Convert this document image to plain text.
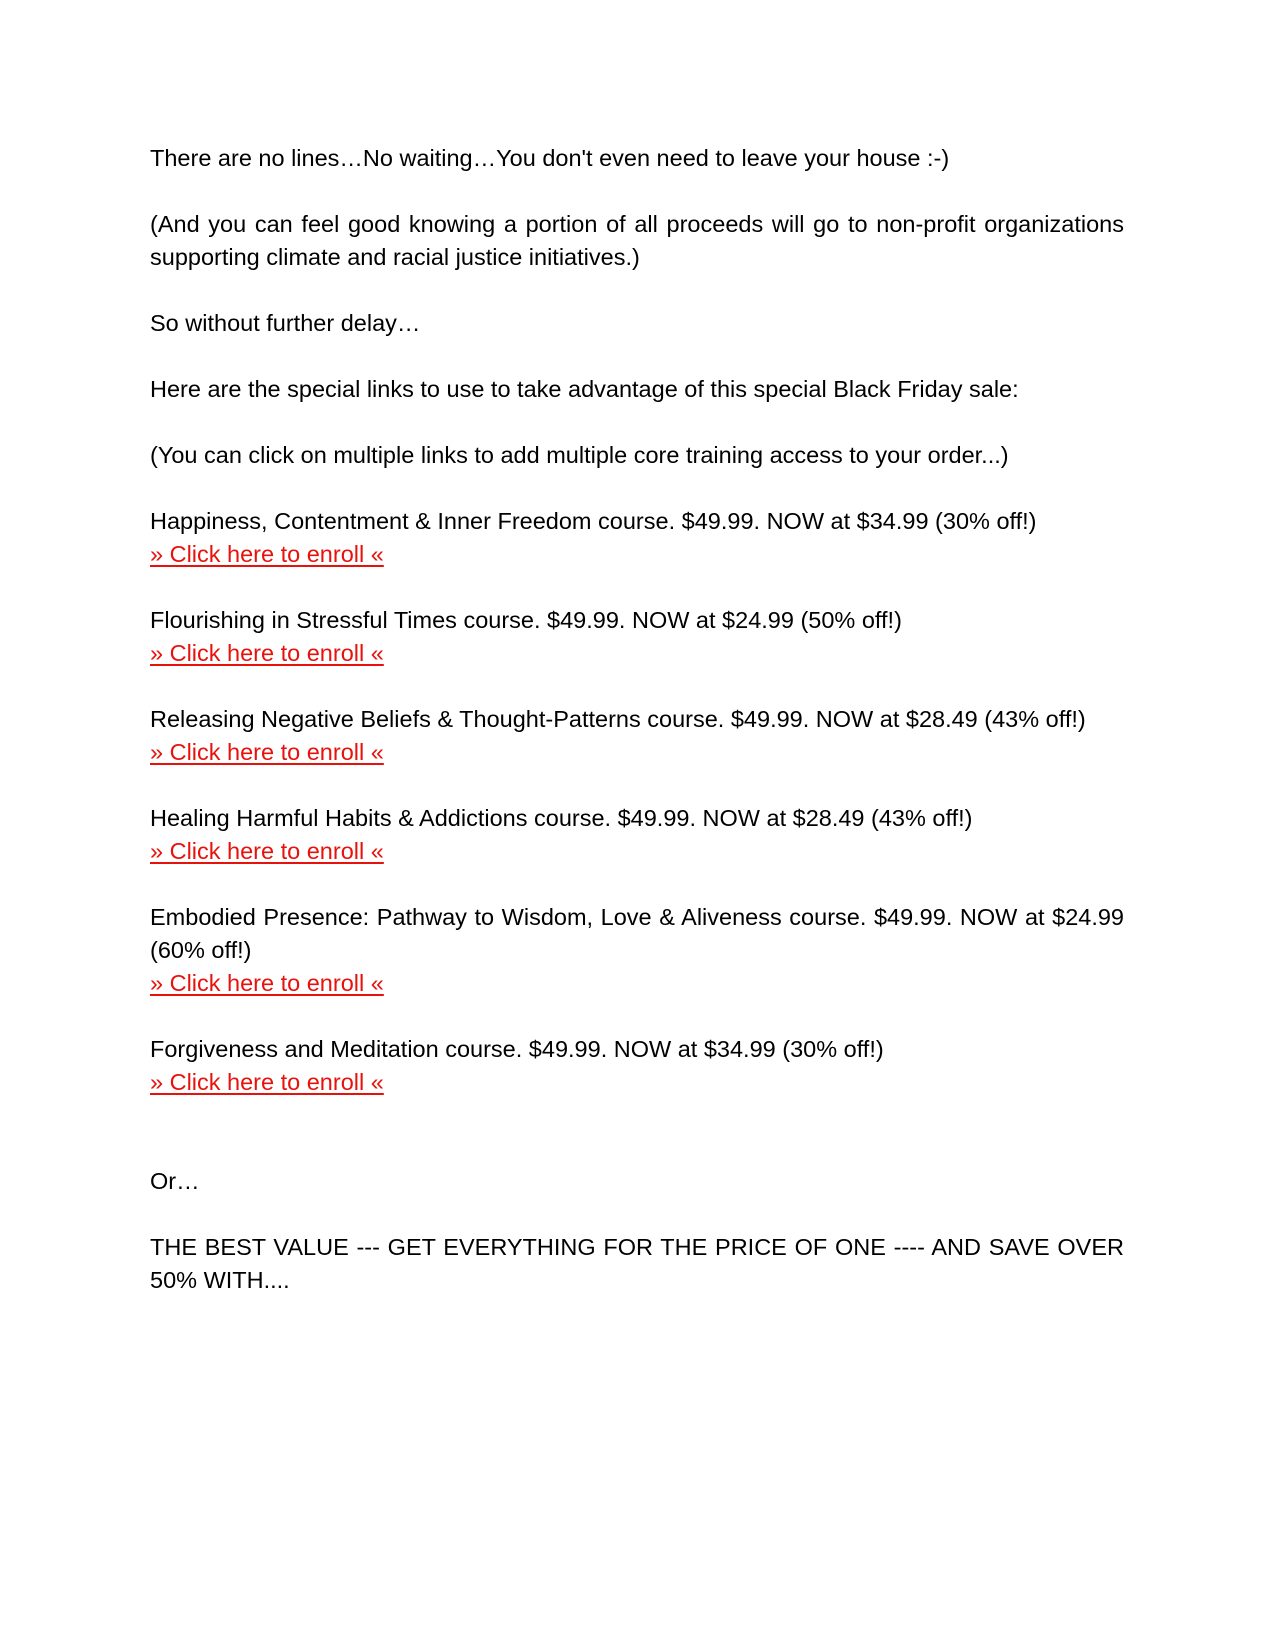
There are no lines…No waiting…You don't even need to leave your house :-)

(And you can feel good knowing a portion of all proceeds will go to non-profit organizations supporting climate and racial justice initiatives.)

So without further delay…

Here are the special links to use to take advantage of this special Black Friday sale:

(You can click on multiple links to add multiple core training access to your order...)

Happiness, Contentment & Inner Freedom course. $49.99. NOW at $34.99 (30% off!)
» Click here to enroll «
Flourishing in Stressful Times course. $49.99. NOW at $24.99 (50% off!)
» Click here to enroll «
Releasing Negative Beliefs & Thought-Patterns course. $49.99. NOW at $28.49 (43% off!)
» Click here to enroll «
Healing Harmful Habits & Addictions course. $49.99. NOW at $28.49 (43% off!)
» Click here to enroll «
Embodied Presence: Pathway to Wisdom, Love & Aliveness course. $49.99. NOW at $24.99 (60% off!)
» Click here to enroll «
Forgiveness and Meditation course. $49.99. NOW at $34.99 (30% off!)
» Click here to enroll «

Or…

THE BEST VALUE --- GET EVERYTHING FOR THE PRICE OF ONE ---- AND SAVE OVER 50% WITH....
